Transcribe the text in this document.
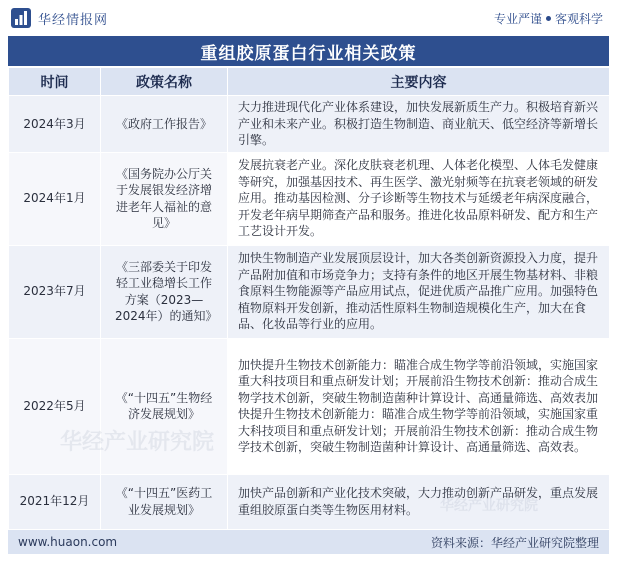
华经情报网	专业严谨 客观科学
重组胶原蛋白行业相关政策
时间	政策名称	主要内容
2024年3月	《政府工作报告》	大力推进现代化产业体系建设，加快发展新质生产力。积极培育新兴产业和未来产业。积极打造生物制造、商业航天、低空经济等新增长引擎。
2024年1月	《国务院办公厅关于发展银发经济增进老年人福祉的意见》	发展抗衰老产业。深化皮肤衰老机理、人体老化模型、人体毛发健康等研究，加强基因技术、再生医学、激光射频等在抗衰老领域的研发应用。推动基因检测、分子诊断等生物技术与延缓老年病深度融合，开发老年病早期筛查产品和服务。推进化妆品原料研发、配方和生产工艺设计开发。
2023年7月	《三部委关于印发轻工业稳增长工作方案（2023—2024年）的通知》	加快生物制造产业发展顶层设计，加大各类创新资源投入力度，提升产品附加值和市场竞争力；支持有条件的地区开展生物基材料、非粮食原料生物能源等产品应用试点，促进优质产品推广应用。加强特色植物原料开发创新，推动活性原料生物制造规模化生产，加大在食品、化妆品等行业的应用。
2022年5月	《“十四五”生物经济发展规划》	加快提升生物技术创新能力：瞄准合成生物学等前沿领域，实施国家重大科技项目和重点研发计划；开展前沿生物技术创新：推动合成生物学技术创新，突破生物制造菌种计算设计、高通量筛选、高效表加快提升生物技术创新能力：瞄准合成生物学等前沿领域，实施国家重大科技项目和重点研发计划；开展前沿生物技术创新：推动合成生物学技术创新，突破生物制造菌种计算设计、高通量筛选、高效表。
2021年12月	《“十四五”医药工业发展规划》	加快产品创新和产业化技术突破，大力推动创新产品研发，重点发展重组胶原蛋白类等生物医用材料。
www.huaon.com	资料来源：华经产业研究院整理
